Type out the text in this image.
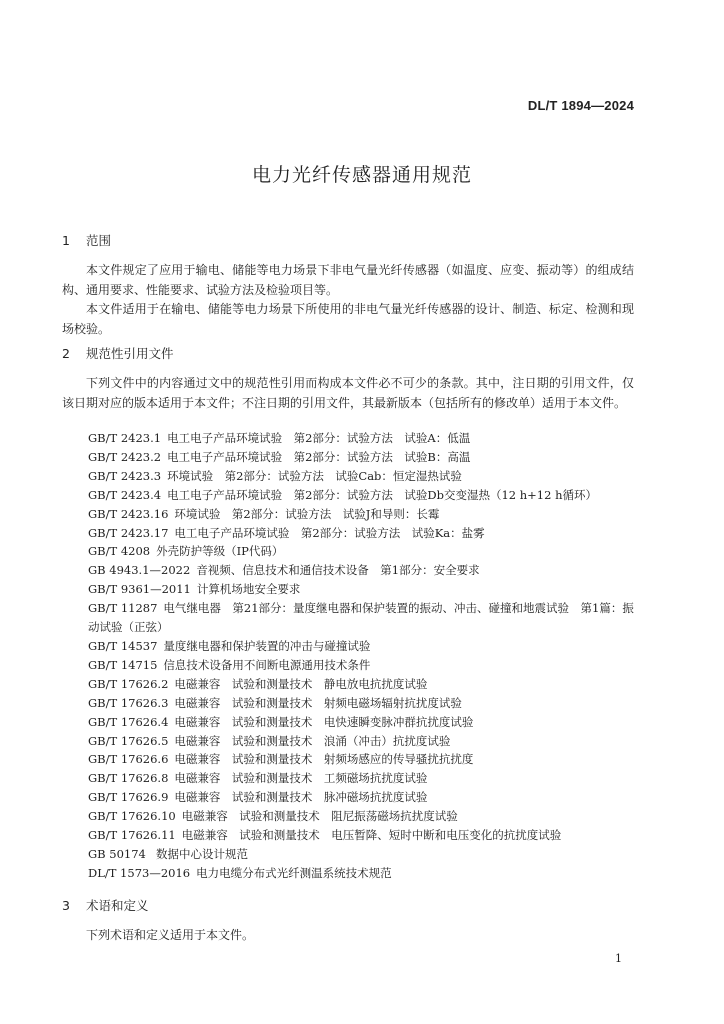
DL/T 1894—2024
电力光纤传感器通用规范
1 范围

本文件规定了应用于输电、储能等电力场景下非电气量光纤传感器（如温度、应变、振动等）的组成结构、通用要求、性能要求、试验方法及检验项目等。

本文件适用于在输电、储能等电力场景下所使用的非电气量光纤传感器的设计、制造、标定、检测和现场校验。

2 规范性引用文件

下列文件中的内容通过文中的规范性引用而构成本文件必不可少的条款。其中，注日期的引用文件，仅该日期对应的版本适用于本文件；不注日期的引用文件，其最新版本（包括所有的修改单）适用于本文件。

GB/T 2423.1 电工电子产品环境试验　第2部分：试验方法　试验A：低温
GB/T 2423.2 电工电子产品环境试验　第2部分：试验方法　试验B：高温
GB/T 2423.3 环境试验　第2部分：试验方法　试验Cab：恒定湿热试验
GB/T 2423.4 电工电子产品环境试验　第2部分：试验方法　试验Db交变湿热（12 h+12 h循环）
GB/T 2423.16 环境试验　第2部分：试验方法　试验J和导则：长霉
GB/T 2423.17 电工电子产品环境试验　第2部分：试验方法　试验Ka：盐雾
GB/T 4208 外壳防护等级（IP代码）
GB 4943.1—2022 音视频、信息技术和通信技术设备　第1部分：安全要求
GB/T 9361—2011 计算机场地安全要求
GB/T 11287 电气继电器　第21部分：量度继电器和保护装置的振动、冲击、碰撞和地震试验　第1篇：振动试验（正弦）
GB/T 14537 量度继电器和保护装置的冲击与碰撞试验
GB/T 14715 信息技术设备用不间断电源通用技术条件
GB/T 17626.2 电磁兼容　试验和测量技术　静电放电抗扰度试验
GB/T 17626.3 电磁兼容　试验和测量技术　射频电磁场辐射抗扰度试验
GB/T 17626.4 电磁兼容　试验和测量技术　电快速瞬变脉冲群抗扰度试验
GB/T 17626.5 电磁兼容　试验和测量技术　浪涌（冲击）抗扰度试验
GB/T 17626.6 电磁兼容　试验和测量技术　射频场感应的传导骚扰抗扰度
GB/T 17626.8 电磁兼容　试验和测量技术　工频磁场抗扰度试验
GB/T 17626.9 电磁兼容　试验和测量技术　脉冲磁场抗扰度试验
GB/T 17626.10 电磁兼容　试验和测量技术　阻尼振荡磁场抗扰度试验
GB/T 17626.11 电磁兼容　试验和测量技术　电压暂降、短时中断和电压变化的抗扰度试验
GB 50174 数据中心设计规范
DL/T 1573—2016 电力电缆分布式光纤测温系统技术规范
3 术语和定义

下列术语和定义适用于本文件。

1
